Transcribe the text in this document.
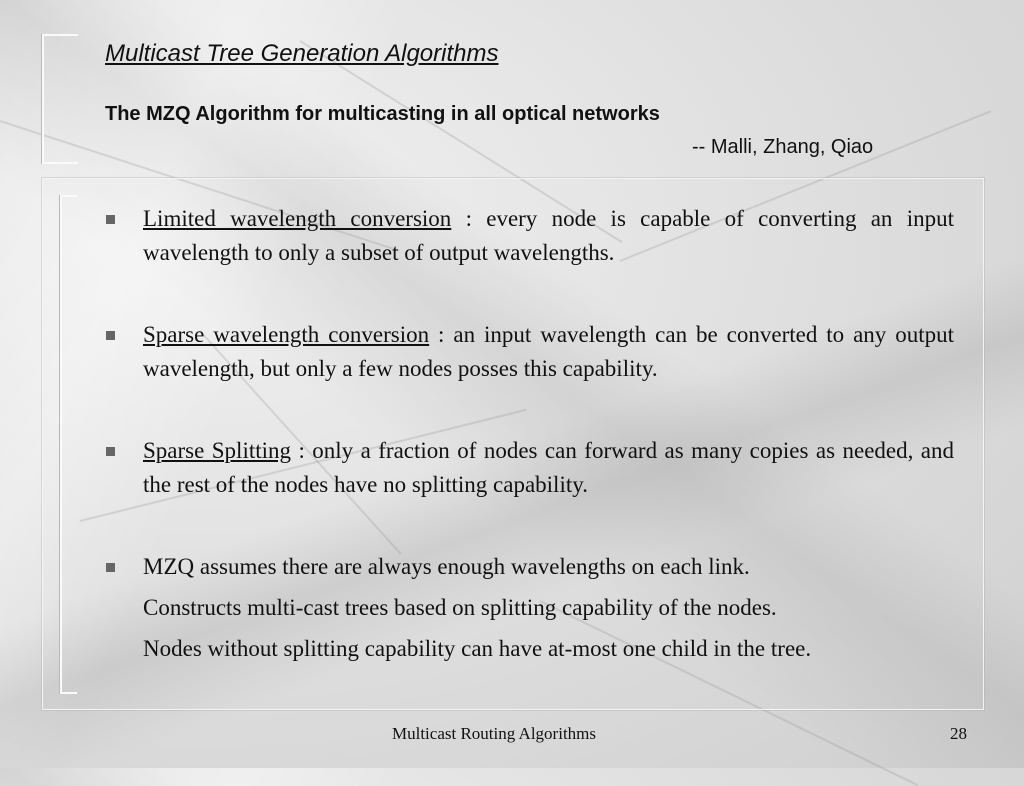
Multicast Tree Generation Algorithms
The MZQ Algorithm for multicasting in all optical networks
-- Malli, Zhang, Qiao
Limited wavelength conversion : every node is capable of converting an input wavelength to only a subset of output wavelengths.
Sparse wavelength conversion : an input wavelength can be converted to any output wavelength, but only a few nodes posses this capability.
Sparse Splitting : only a fraction of nodes can forward as many copies as needed, and the rest of the nodes have no splitting capability.
MZQ assumes there are always enough wavelengths on each link.
Constructs multi-cast trees based on splitting capability of the nodes.
Nodes without splitting capability can have at-most one child in the tree.
Multicast Routing Algorithms	28
